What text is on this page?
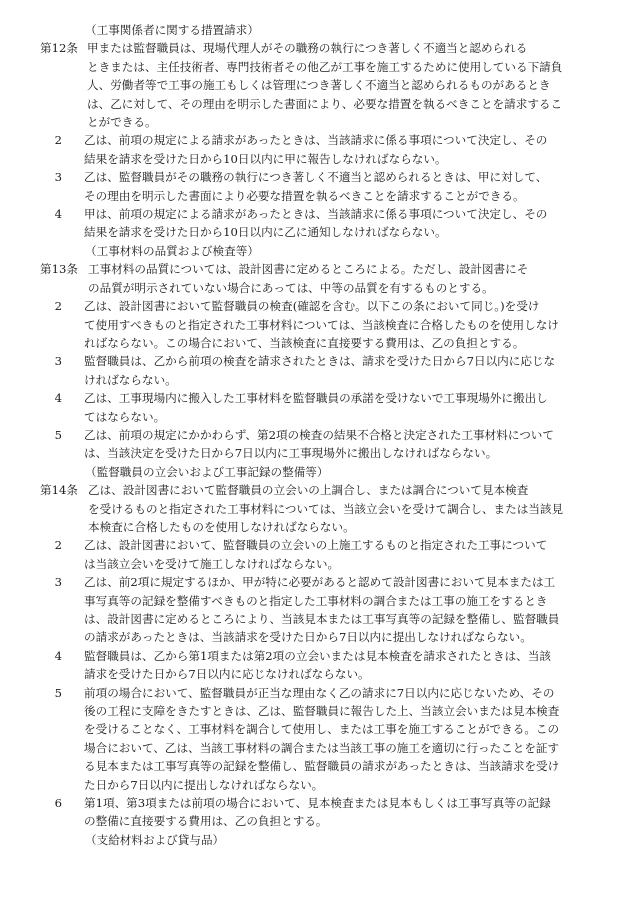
（工事関係者に関する措置請求）
第12条 甲または監督職員は、現場代理人がその職務の執行につき著しく不適当と認められる
ときまたは、主任技術者、専門技術者その他乙が工事を施工するために使用している下請負
人、労働者等で工事の施工もしくは管理につき著しく不適当と認められるものがあるとき
は、乙に対して、その理由を明示した書面により、必要な措置を執るべきことを請求するこ
とができる。
2 乙は、前項の規定による請求があったときは、当該請求に係る事項について決定し、その
結果を請求を受けた日から10日以内に甲に報告しなければならない。
3 乙は、監督職員がその職務の執行につき著しく不適当と認められるときは、甲に対して、
その理由を明示した書面により必要な措置を執るべきことを請求することができる。
4 甲は、前項の規定による請求があったときは、当該請求に係る事項について決定し、その
結果を請求を受けた日から10日以内に乙に通知しなければならない。
（工事材料の品質および検査等）
第13条 工事材料の品質については、設計図書に定めるところによる。ただし、設計図書にそ
の品質が明示されていない場合にあっては、中等の品質を有するものとする。
2 乙は、設計図書において監督職員の検査(確認を含む。以下この条において同じ。)を受け
て使用すべきものと指定された工事材料については、当該検査に合格したものを使用しなけ
ればならない。この場合において、当該検査に直接要する費用は、乙の負担とする。
3 監督職員は、乙から前項の検査を請求されたときは、請求を受けた日から7日以内に応じな
ければならない。
4 乙は、工事現場内に搬入した工事材料を監督職員の承諾を受けないで工事現場外に搬出し
てはならない。
5 乙は、前項の規定にかかわらず、第2項の検査の結果不合格と決定された工事材料について
は、当該決定を受けた日から7日以内に工事現場外に搬出しなければならない。
（監督職員の立会いおよび工事記録の整備等）
第14条 乙は、設計図書において監督職員の立会いの上調合し、または調合について見本検査
を受けるものと指定された工事材料については、当該立会いを受けて調合し、または当該見
本検査に合格したものを使用しなければならない。
2 乙は、設計図書において、監督職員の立会いの上施工するものと指定された工事について
は当該立会いを受けて施工しなければならない。
3 乙は、前2項に規定するほか、甲が特に必要があると認めて設計図書において見本または工
事写真等の記録を整備すべきものと指定した工事材料の調合または工事の施工をするとき
は、設計図書に定めるところにより、当該見本または工事写真等の記録を整備し、監督職員
の請求があったときは、当該請求を受けた日から7日以内に提出しなければならない。
4 監督職員は、乙から第1項または第2項の立会いまたは見本検査を請求されたときは、当該
請求を受けた日から7日以内に応じなければならない。
5 前項の場合において、監督職員が正当な理由なく乙の請求に7日以内に応じないため、その
後の工程に支障をきたすときは、乙は、監督職員に報告した上、当該立会いまたは見本検査
を受けることなく、工事材料を調合して使用し、または工事を施工することができる。この
場合において、乙は、当該工事材料の調合または当該工事の施工を適切に行ったことを証す
る見本または工事写真等の記録を整備し、監督職員の請求があったときは、当該請求を受け
た日から7日以内に提出しなければならない。
6 第1項、第3項または前項の場合において、見本検査または見本もしくは工事写真等の記録
の整備に直接要する費用は、乙の負担とする。
（支給材料および貸与品）
